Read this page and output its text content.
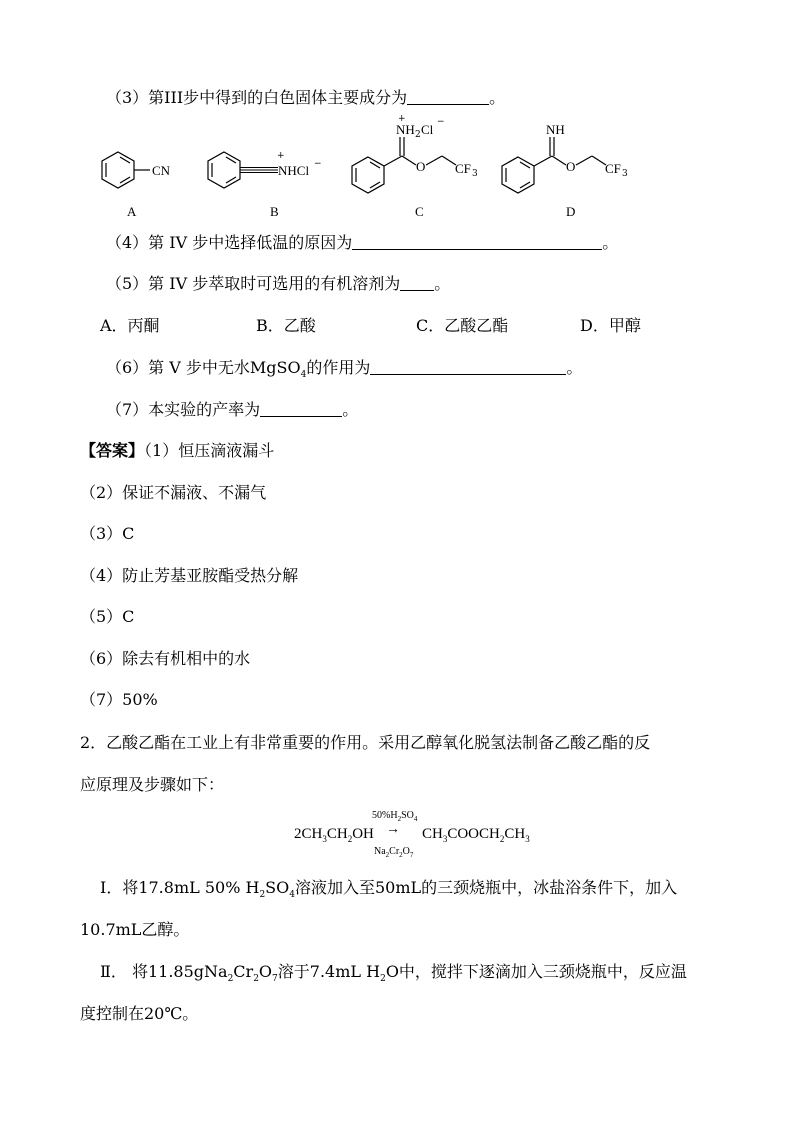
（3）第III步中得到的白色固体主要成分为	。
CN
A
+
NHCl −
B
O CF 3
+
NH 2 Cl −
C
O CF 3
NH
D
（4）第 IV 步中选择低温的原因为	。
（5）第 IV 步萃取时可选用的有机溶剂为 。
A．丙酮	B．乙酸	C．乙酸乙酯	D．甲醇
（6）第 V 步中无水MgSO$_4$的作用为	。
（7）本实验的产率为	。
【答案】（1）恒压滴液漏斗
（2）保证不漏液、不漏气
（3）C
（4）防止芳基亚胺酯受热分解
（5）C
（6）除去有机相中的水
（7）50%
2．乙酸乙酯在工业上有非常重要的作用。采用乙醇氧化脱氢法制备乙酸乙酯的反
应原理及步骤如下：
$50\%H_2SO_4$
$2CH_3CH_2OH$ → $CH_3COOCH_2CH_3$
$Na_2Cr_2O_7$
Ⅰ．将17.8mL 50% $H_2SO_4$溶液加入至50mL的三颈烧瓶中，冰盐浴条件下，加入
10.7mL乙醇。
Ⅱ． 将$11.85gNa_2Cr_2O_7$溶于7.4mL $H_2O$中，搅拌下逐滴加入三颈烧瓶中，反应温
度控制在20℃。
